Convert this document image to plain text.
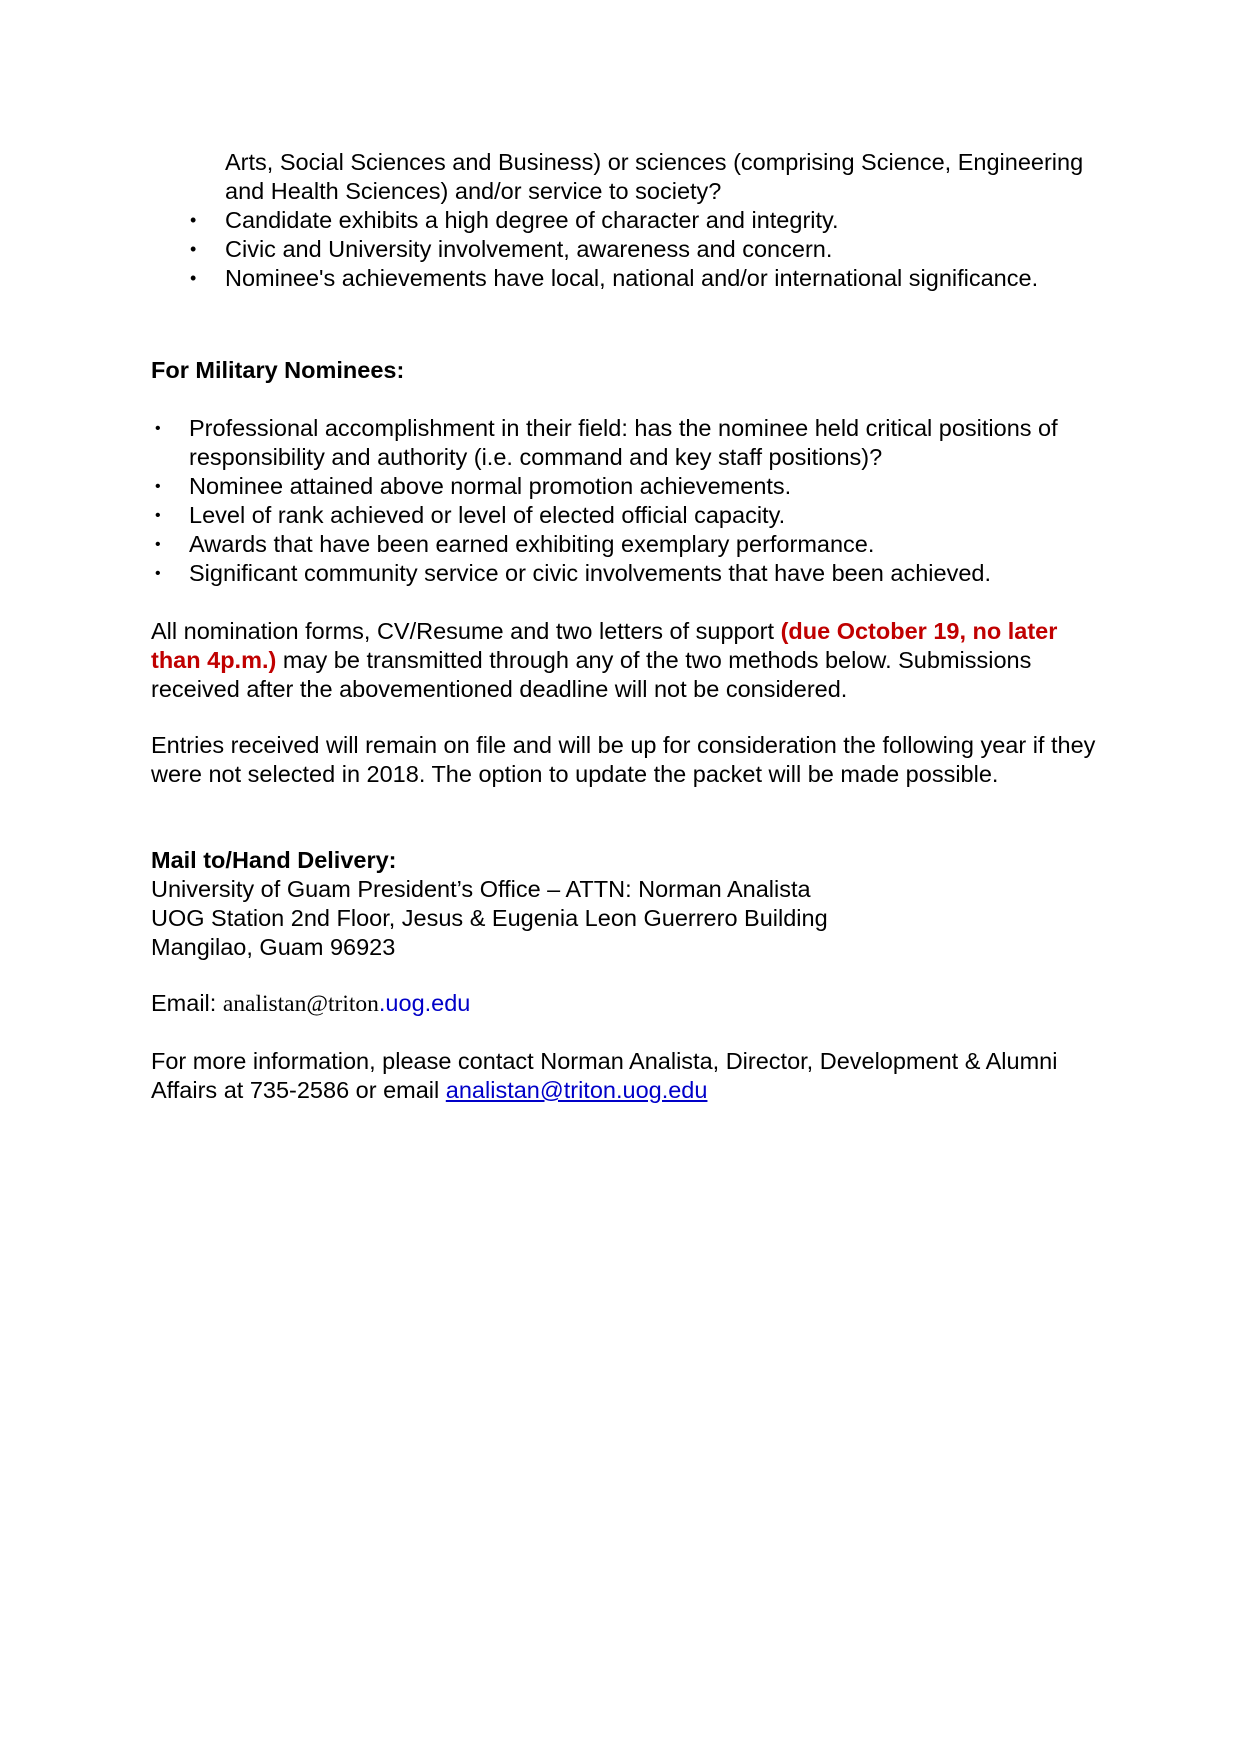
Arts, Social Sciences and Business) or sciences (comprising Science, Engineering and Health Sciences) and/or service to society?
• Candidate exhibits a high degree of character and integrity.
• Civic and University involvement, awareness and concern.
• Nominee's achievements have local, national and/or international significance.

For Military Nominees:

• Professional accomplishment in their field: has the nominee held critical positions of responsibility and authority (i.e. command and key staff positions)?
• Nominee attained above normal promotion achievements.
• Level of rank achieved or level of elected official capacity.
• Awards that have been earned exhibiting exemplary performance.
• Significant community service or civic involvements that have been achieved.

All nomination forms, CV/Resume and two letters of support (due October 19, no later than 4p.m.) may be transmitted through any of the two methods below. Submissions received after the abovementioned deadline will not be considered.

Entries received will remain on file and will be up for consideration the following year if they were not selected in 2018. The option to update the packet will be made possible.

Mail to/Hand Delivery:

University of Guam President’s Office – ATTN: Norman Analista

UOG Station 2nd Floor, Jesus & Eugenia Leon Guerrero Building

Mangilao, Guam 96923

Email: analistan@triton.uog.edu

For more information, please contact Norman Analista, Director, Development & Alumni Affairs at 735-2586 or email analistan@triton.uog.edu
